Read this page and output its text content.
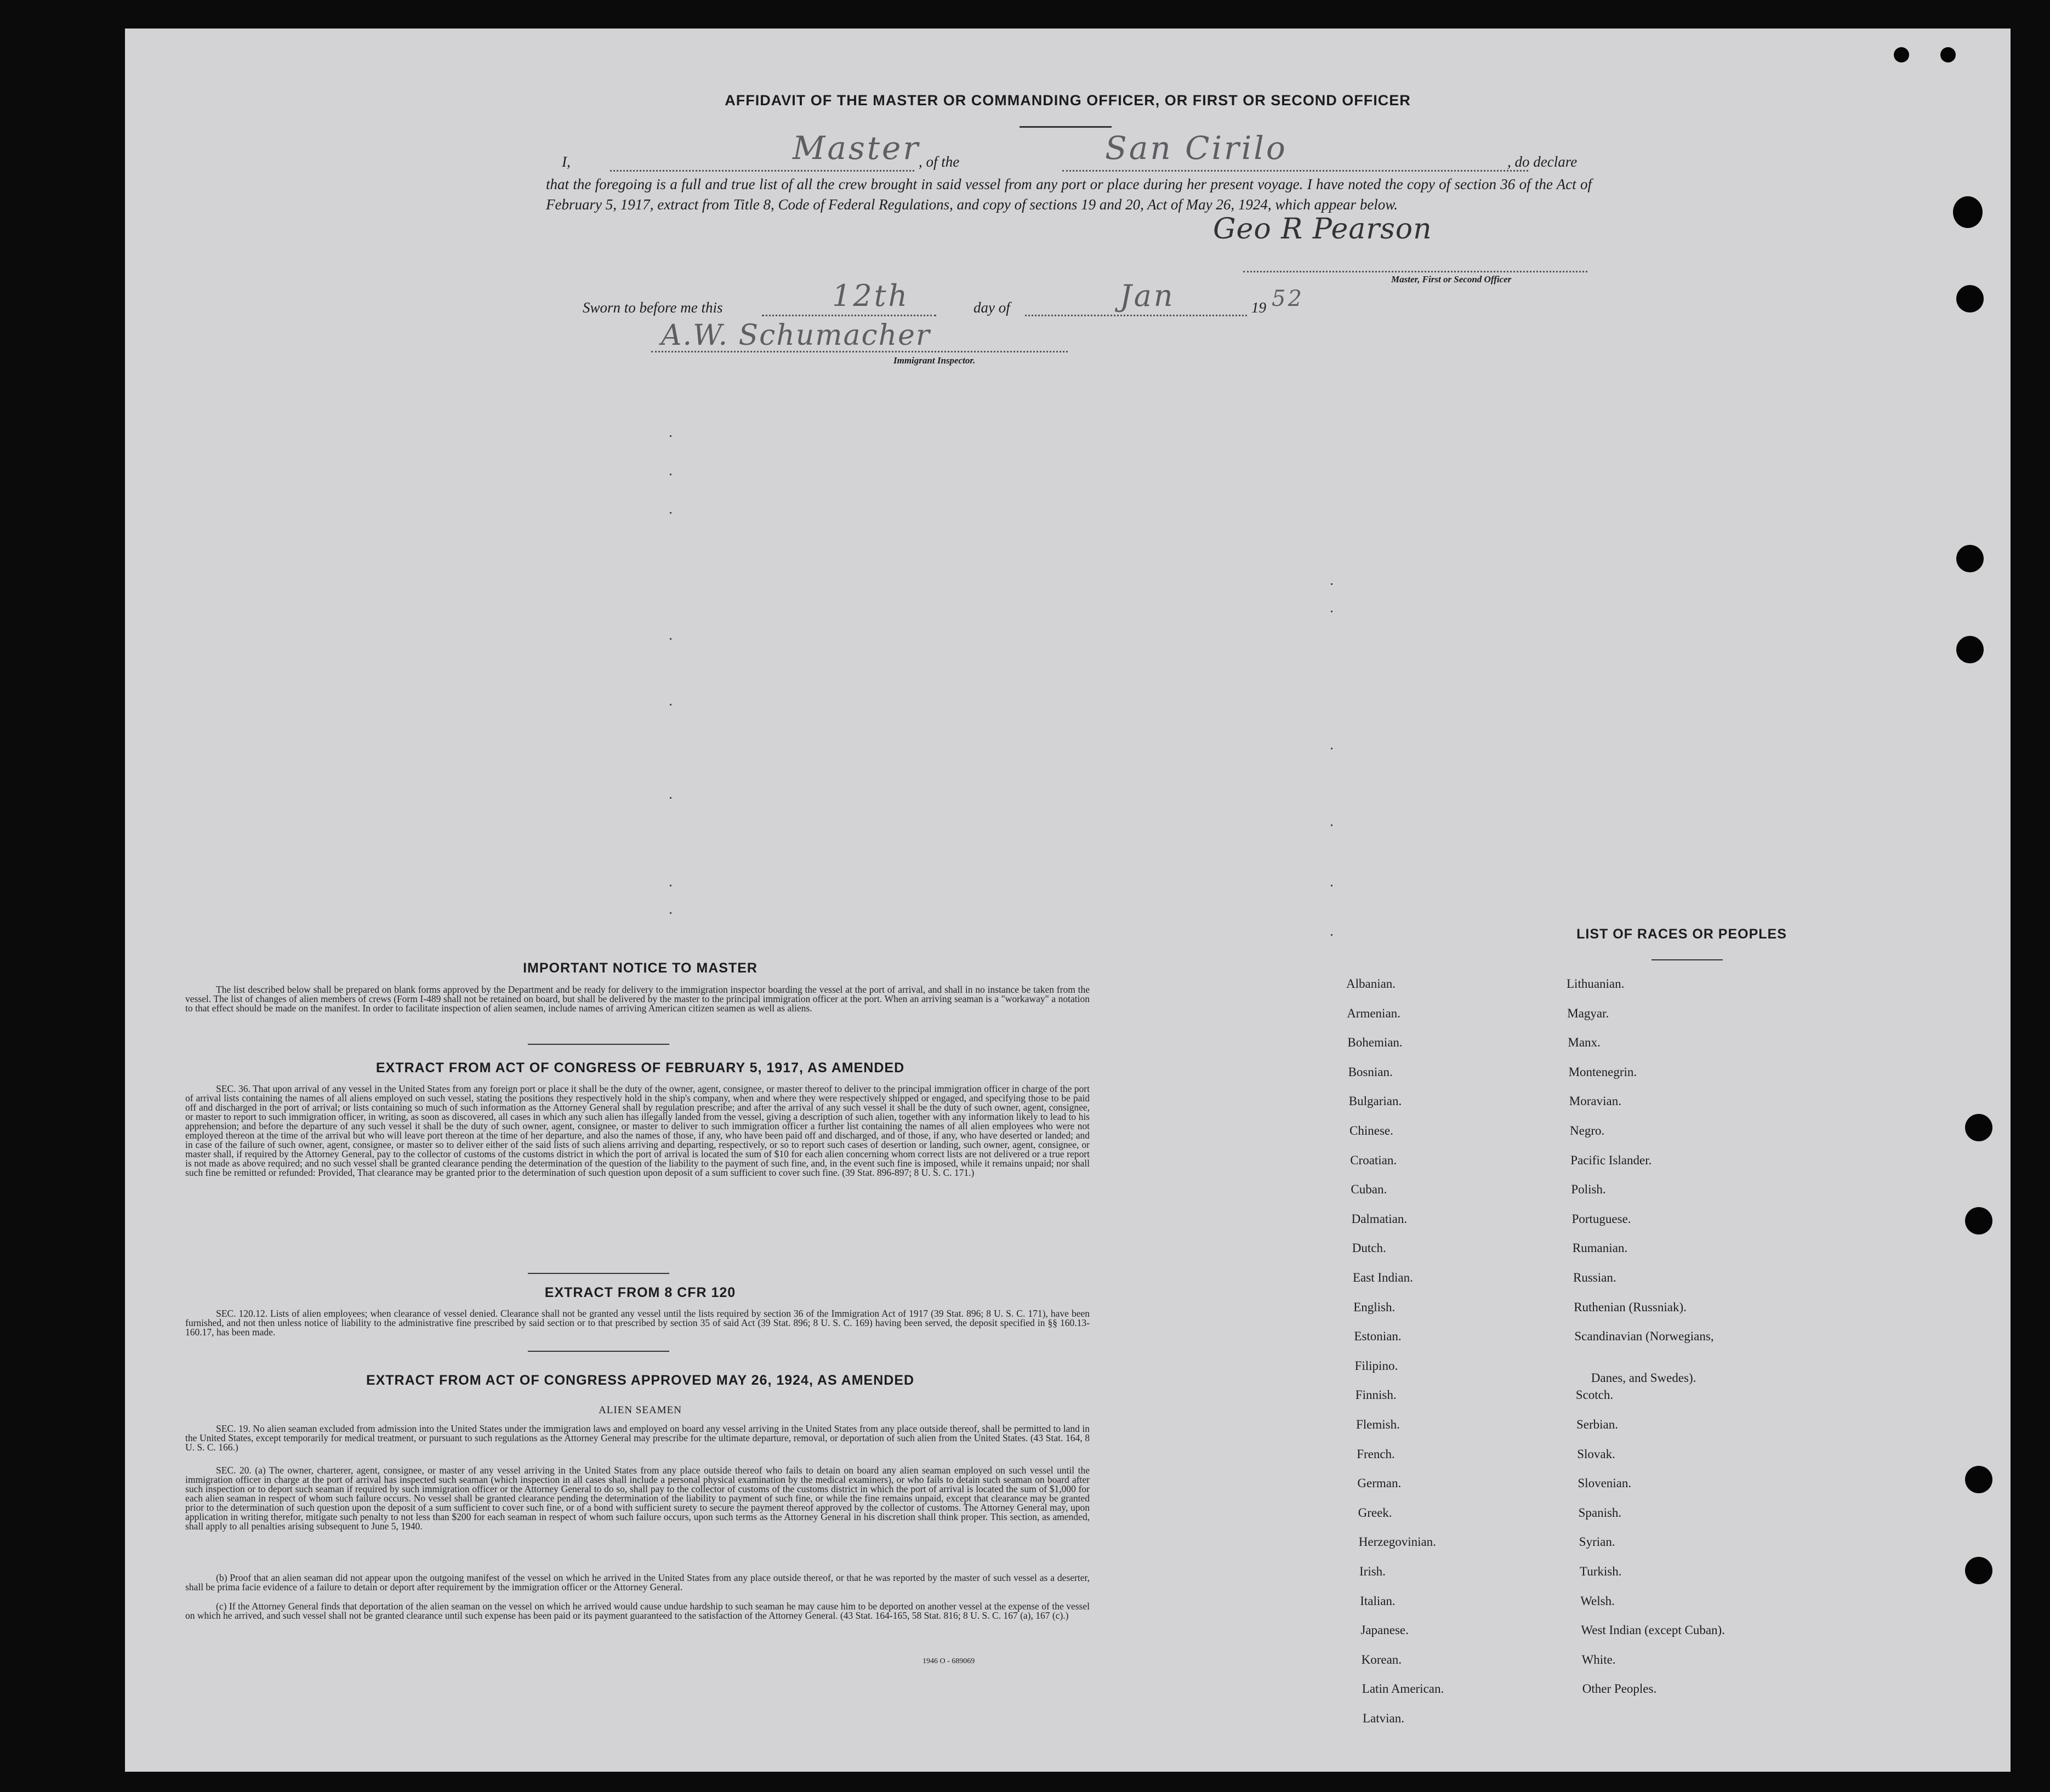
AFFIDAVIT OF THE MASTER OR COMMANDING OFFICER, OR FIRST OR SECOND OFFICER
I,	Master
, of the	San Cirilo	, do declare
that the foregoing is a full and true list of all the crew brought in said vessel from any port or place during her present voyage. I have noted the copy of section 36 of the Act of February 5, 1917, extract from Title 8, Code of Federal Regulations, and copy of sections 19 and 20, Act of May 26, 1924, which appear below.
Geo R Pearson
Master, First or Second Officer
Sworn to before me this	12th	day of	Jan	19 52
A.W. Schumacher
Immigrant Inspector.
IMPORTANT NOTICE TO MASTER
The list described below shall be prepared on blank forms approved by the Department and be ready for delivery to the immigration inspector boarding the vessel at the port of arrival, and shall in no instance be taken from the vessel. The list of changes of alien members of crews (Form I-489 shall not be retained on board, but shall be delivered by the master to the principal immigration officer at the port. When an arriving seaman is a "workaway" a notation to that effect should be made on the manifest. In order to facilitate inspection of alien seamen, include names of arriving American citizen seamen as well as aliens.
EXTRACT FROM ACT OF CONGRESS OF FEBRUARY 5, 1917, AS AMENDED
SEC. 36. That upon arrival of any vessel in the United States from any foreign port or place it shall be the duty of the owner, agent, consignee, or master thereof to deliver to the principal immigration officer in charge of the port of arrival lists containing the names of all aliens employed on such vessel, stating the positions they respectively hold in the ship's company, when and where they were respectively shipped or engaged, and specifying those to be paid off and discharged in the port of arrival; or lists containing so much of such information as the Attorney General shall by regulation prescribe; and after the arrival of any such vessel it shall be the duty of such owner, agent, consignee, or master to report to such immigration officer, in writing, as soon as discovered, all cases in which any such alien has illegally landed from the vessel, giving a description of such alien, together with any information likely to lead to his apprehension; and before the departure of any such vessel it shall be the duty of such owner, agent, consignee, or master to deliver to such immigration officer a further list containing the names of all alien employees who were not employed thereon at the time of the arrival but who will leave port thereon at the time of her departure, and also the names of those, if any, who have been paid off and discharged, and of those, if any, who have deserted or landed; and in case of the failure of such owner, agent, consignee, or master so to deliver either of the said lists of such aliens arriving and departing, respectively, or so to report such cases of desertion or landing, such owner, agent, consignee, or master shall, if required by the Attorney General, pay to the collector of customs of the customs district in which the port of arrival is located the sum of $10 for each alien concerning whom correct lists are not delivered or a true report is not made as above required; and no such vessel shall be granted clearance pending the determination of the question of the liability to the payment of such fine, and, in the event such fine is imposed, while it remains unpaid; nor shall such fine be remitted or refunded: Provided, That clearance may be granted prior to the determination of such question upon deposit of a sum sufficient to cover such fine. (39 Stat. 896-897; 8 U. S. C. 171.)
EXTRACT FROM 8 CFR 120
SEC. 120.12. Lists of alien employees; when clearance of vessel denied. Clearance shall not be granted any vessel until the lists required by section 36 of the Immigration Act of 1917 (39 Stat. 896; 8 U. S. C. 171), have been furnished, and not then unless notice of liability to the administrative fine prescribed by said section or to that prescribed by section 35 of said Act (39 Stat. 896; 8 U. S. C. 169) having been served, the deposit specified in §§ 160.13-160.17, has been made.
EXTRACT FROM ACT OF CONGRESS APPROVED MAY 26, 1924, AS AMENDED
ALIEN SEAMEN
SEC. 19. No alien seaman excluded from admission into the United States under the immigration laws and employed on board any vessel arriving in the United States from any place outside thereof, shall be permitted to land in the United States, except temporarily for medical treatment, or pursuant to such regulations as the Attorney General may prescribe for the ultimate departure, removal, or deportation of such alien from the United States. (43 Stat. 164, 8 U. S. C. 166.)
SEC. 20. (a) The owner, charterer, agent, consignee, or master of any vessel arriving in the United States from any place outside thereof who fails to detain on board any alien seaman employed on such vessel until the immigration officer in charge at the port of arrival has inspected such seaman (which inspection in all cases shall include a personal physical examination by the medical examiners), or who fails to detain such seaman on board after such inspection or to deport such seaman if required by such immigration officer or the Attorney General to do so, shall pay to the collector of customs of the customs district in which the port of arrival is located the sum of $1,000 for each alien seaman in respect of whom such failure occurs. No vessel shall be granted clearance pending the determination of the liability to payment of such fine, or while the fine remains unpaid, except that clearance may be granted prior to the determination of such question upon the deposit of a sum sufficient to cover such fine, or of a bond with sufficient surety to secure the payment thereof approved by the collector of customs. The Attorney General may, upon application in writing therefor, mitigate such penalty to not less than $200 for each seaman in respect of whom such failure occurs, upon such terms as the Attorney General in his discretion shall think proper. This section, as amended, shall apply to all penalties arising subsequent to June 5, 1940.
(b) Proof that an alien seaman did not appear upon the outgoing manifest of the vessel on which he arrived in the United States from any place outside thereof, or that he was reported by the master of such vessel as a deserter, shall be prima facie evidence of a failure to detain or deport after requirement by the immigration officer or the Attorney General.
(c) If the Attorney General finds that deportation of the alien seaman on the vessel on which he arrived would cause undue hardship to such seaman he may cause him to be deported on another vessel at the expense of the vessel on which he arrived, and such vessel shall not be granted clearance until such expense has been paid or its payment guaranteed to the satisfaction of the Attorney General. (43 Stat. 164-165, 58 Stat. 816; 8 U. S. C. 167 (a), 167 (c).)
1946 O - 689069
LIST OF RACES OR PEOPLES
Albanian.
Armenian.
Bohemian.
Bosnian.
Bulgarian.
Chinese.
Croatian.
Cuban.
Dalmatian.
Dutch.
East Indian.
English.
Estonian.
Filipino.
Finnish.
Flemish.
French.
German.
Greek.
Herzegovinian.
Irish.
Italian.
Japanese.
Korean.
Latin American.
Latvian.
Lithuanian.
Magyar.
Manx.
Montenegrin.
Moravian.
Negro.
Pacific Islander.
Polish.
Portuguese.
Rumanian.
Russian.
Ruthenian (Russniak).
Scandinavian (Norwegians,
Danes, and Swedes).
Scotch.
Serbian.
Slovak.
Slovenian.
Spanish.
Syrian.
Turkish.
Welsh.
West Indian (except Cuban).
White.
Other Peoples.
